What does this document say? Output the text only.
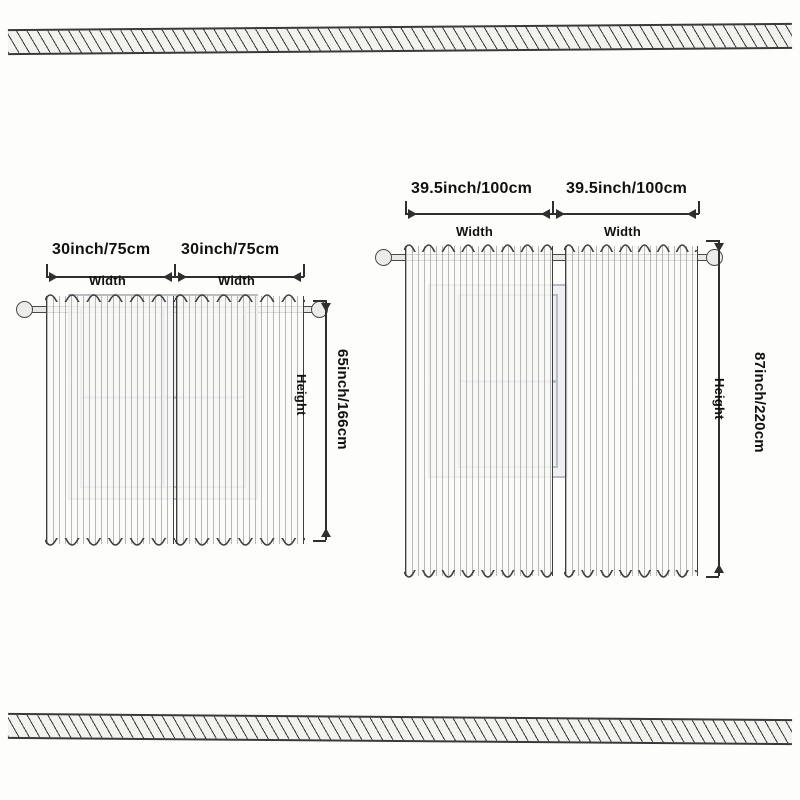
30inch/75cm 30inch/75cm
Width	Width
65inch/166cm
Height
39.5inch/100cm 39.5inch/100cm
Width	Width
87inch/220cm
Height
